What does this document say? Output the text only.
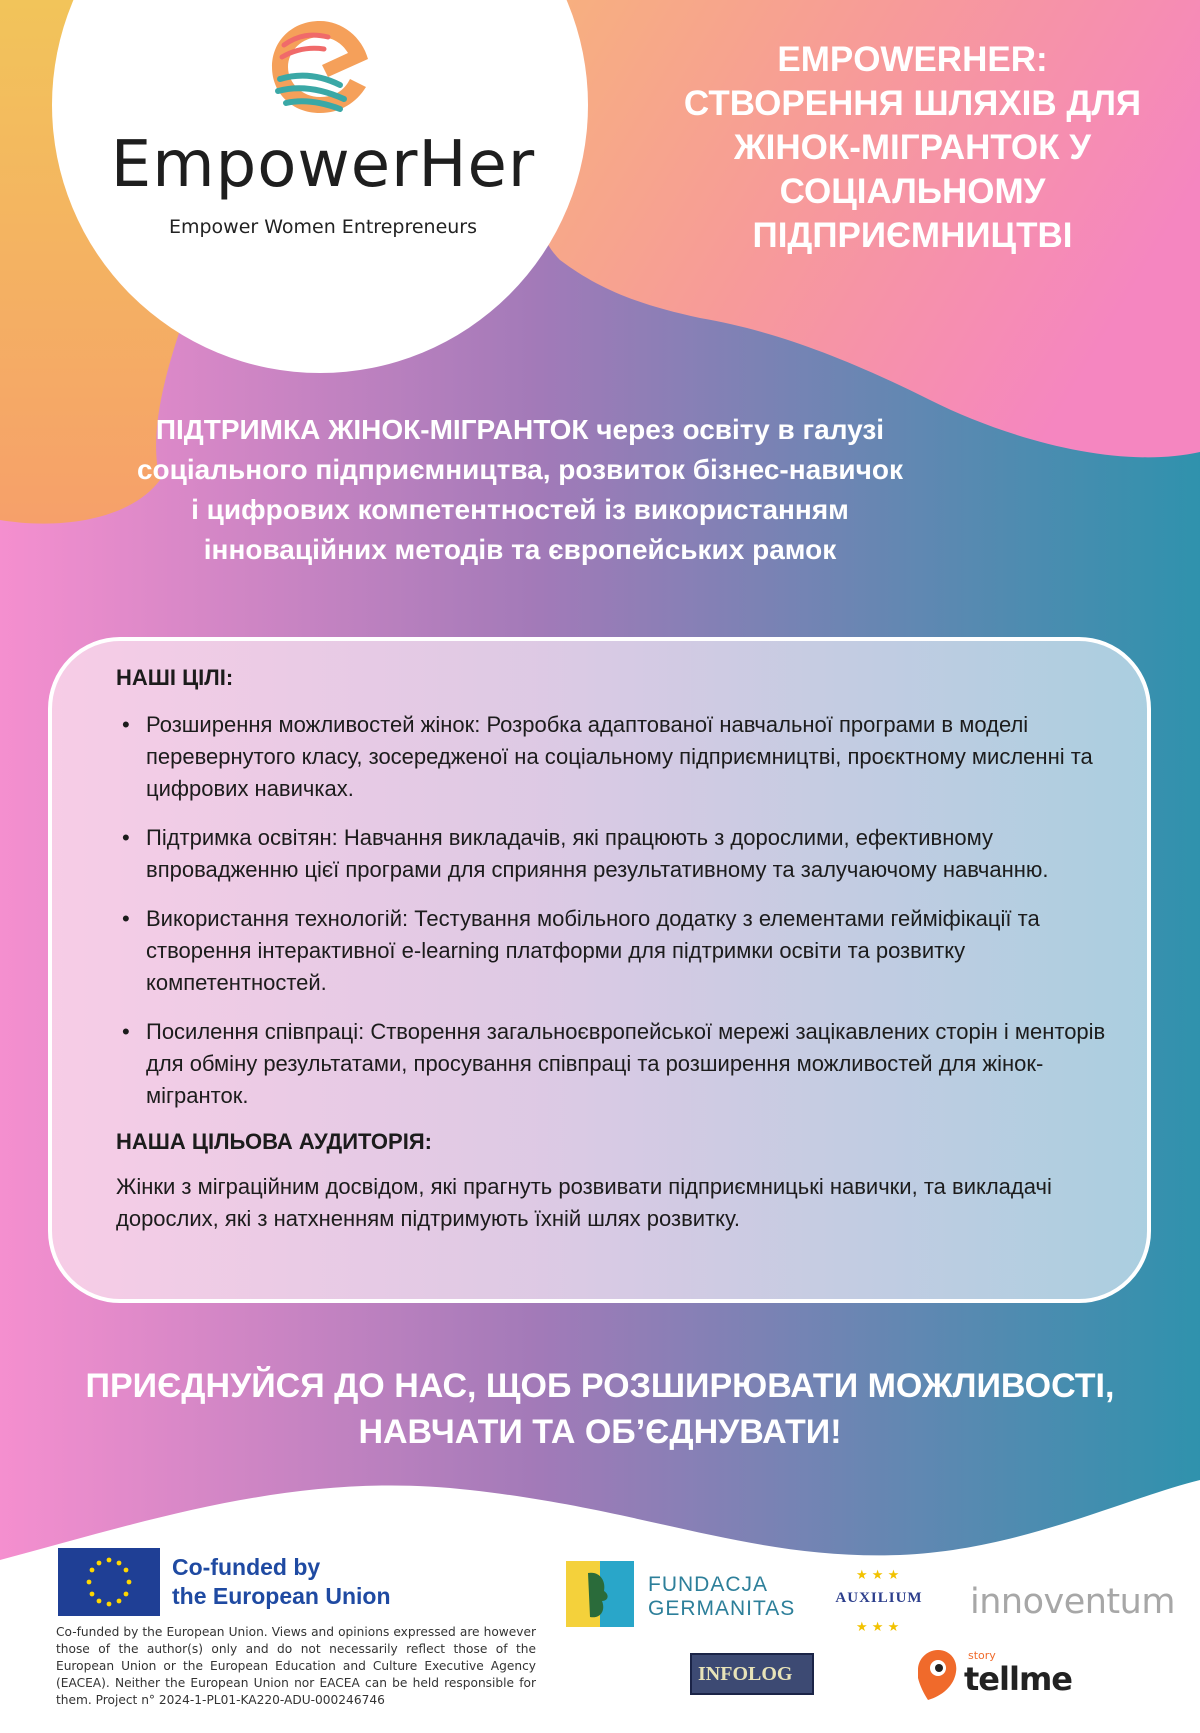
EmpowerHer
Empower Women Entrepreneurs
EMPOWERHER:
СТВОРЕННЯ ШЛЯХІВ ДЛЯ
ЖІНОК-МІГРАНТОК У
СОЦІАЛЬНОМУ
ПІДПРИЄМНИЦТВІ
ПІДТРИМКА ЖІНОК-МІГРАНТОК через освіту в галузі соціального підприємництва, розвиток бізнес-навичок і цифрових компетентностей із використанням інноваційних методів та європейських рамок
НАШІ ЦІЛІ:
• Розширення можливостей жінок: Розробка адаптованої навчальної програми в моделі перевернутого класу, зосередженої на соціальному підприємництві, проєктному мисленні та цифрових навичках.
• Підтримка освітян: Навчання викладачів, які працюють з дорослими, ефективному впровадженню цієї програми для сприяння результативному та залучаючому навчанню.
• Використання технологій: Тестування мобільного додатку з елементами гейміфікації та створення інтерактивної e-learning платформи для підтримки освіти та розвитку компетентностей.
• Посилення співпраці: Створення загальноєвропейської мережі зацікавлених сторін і менторів для обміну результатами, просування співпраці та розширення можливостей для жінок-мігранток.
НАША ЦІЛЬОВА АУДИТОРІЯ:
Жінки з міграційним досвідом, які прагнуть розвивати підприємницькі навички, та викладачі дорослих, які з натхненням підтримують їхній шлях розвитку.
ПРИЄДНУЙСЯ ДО НАС, ЩОБ РОЗШИРЮВАТИ МОЖЛИВОСТІ,
НАВЧАТИ ТА ОБ’ЄДНУВАТИ!
Co-funded by
the European Union
Co-funded by the European Union. Views and opinions expressed are however those of the author(s) only and do not necessarily reflect those of the European Union or the European Education and Culture Executive Agency (EACEA). Neither the European Union nor EACEA can be held responsible for them. Project n° 2024-1-PL01-KA220-ADU-000246746
FUNDACJA
GERMANITAS
★ ★ ★
★ ★ ★
AUXILIUM innoventum
INFOLOG
story
tellme
